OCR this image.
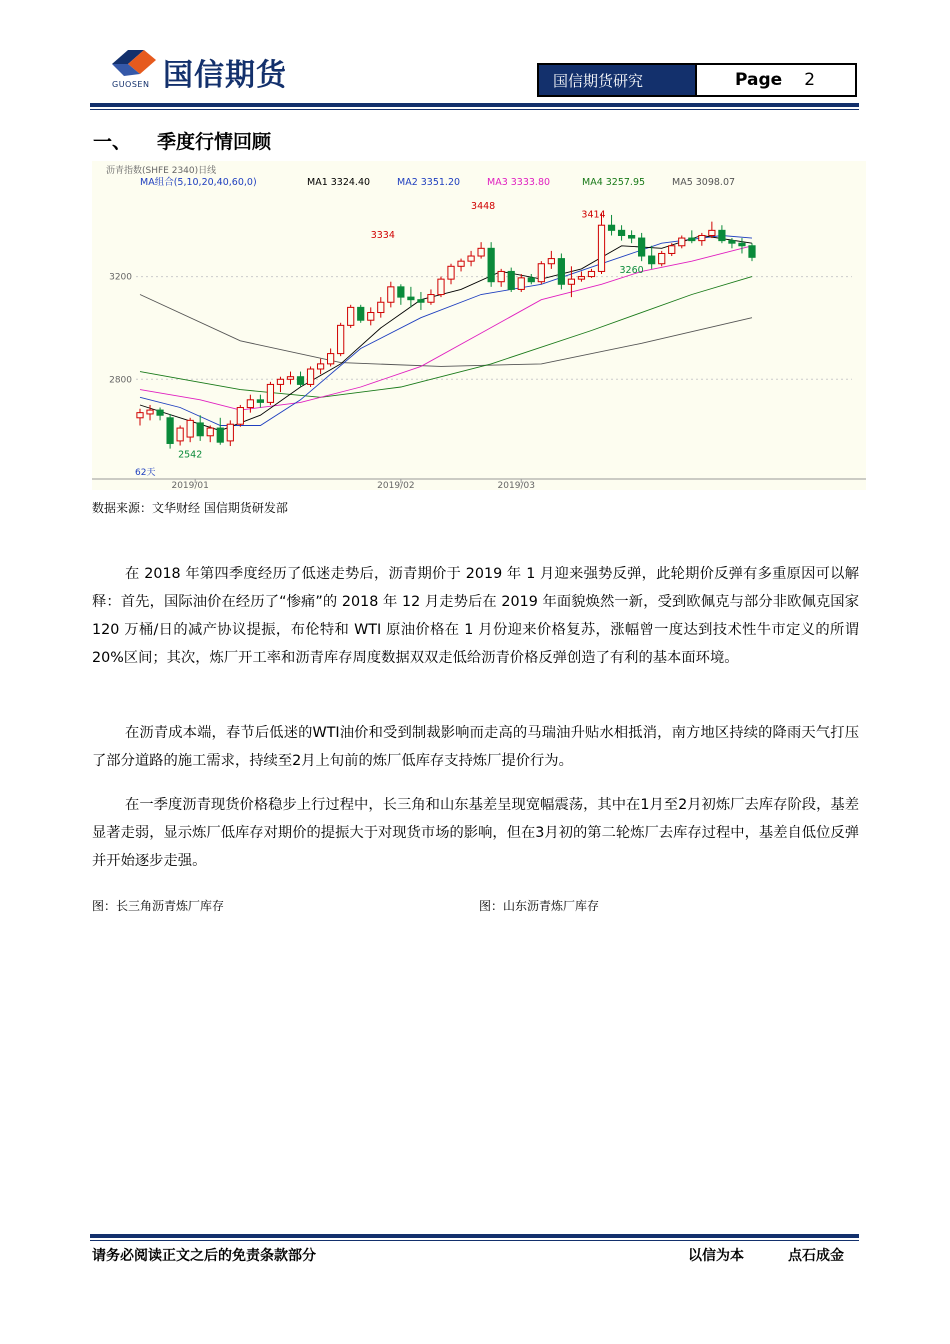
国信期货
GUOSEN	国信期货研究	Page 2
一、 季度行情回顾
沥青指数(SHFE 2340)日线
MA组合(5,10,20,40,60,0)	MA1 3324.40	MA2 3351.20	MA3 3333.80	MA4 3257.95	MA5 3098.07
3200
2800
2019/01	2019/02	2019/03
3448
3334
3414
3260
2542
62天
数据来源：文华财经 国信期货研发部
在 2018 年第四季度经历了低迷走势后，沥青期价于 2019 年 1 月迎来强势反弹，此轮期价反弹有多重原因可以解释：首先，国际油价在经历了“惨痛”的 2018 年 12 月走势后在 2019 年面貌焕然一新，受到欧佩克与部分非欧佩克国家 120 万桶/日的减产协议提振，布伦特和 WTI 原油价格在 1 月份迎来价格复苏，涨幅曾一度达到技术性牛市定义的所谓 20%区间；其次，炼厂开工率和沥青库存周度数据双双走低给沥青价格反弹创造了有利的基本面环境。
在沥青成本端，春节后低迷的WTI油价和受到制裁影响而走高的马瑞油升贴水相抵消，南方地区持续的降雨天气打压了部分道路的施工需求，持续至2月上旬前的炼厂低库存支持炼厂提价行为。
在一季度沥青现货价格稳步上行过程中，长三角和山东基差呈现宽幅震荡，其中在1月至2月初炼厂去库存阶段，基差显著走弱，显示炼厂低库存对期价的提振大于对现货市场的影响，但在3月初的第二轮炼厂去库存过程中，基差自低位反弹并开始逐步走强。
图：长三角沥青炼厂库存	图：山东沥青炼厂库存
请务必阅读正文之后的免责条款部分	以信为本	点石成金
